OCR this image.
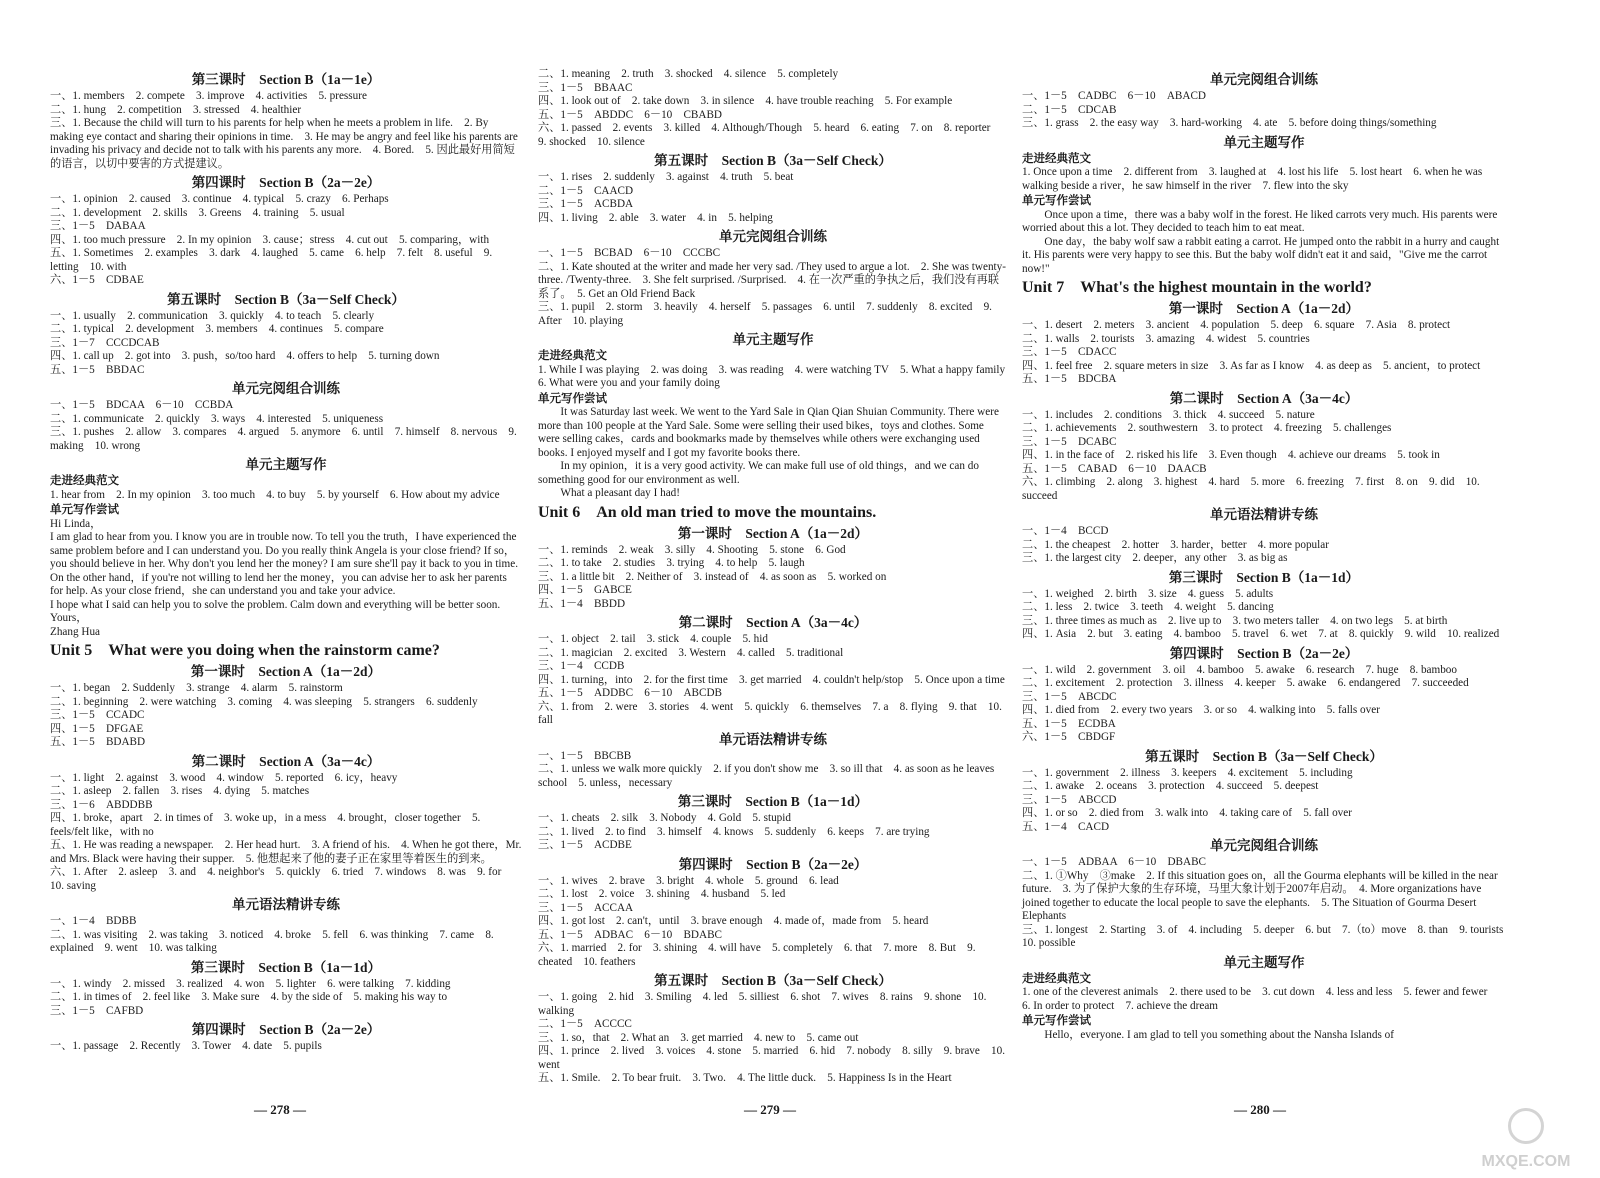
第三课时　Section B（1a－1e）
一、1. members　2. compete　3. improve　4. activities　5. pressure
二、1. hung　2. competition　3. stressed　4. healthier
三、1. Because the child will turn to his parents for help when he meets a problem in life.　2. By making eye contact and sharing their opinions in time.　3. He may be angry and feel like his parents are invading his privacy and decide not to talk with his parents any more.　4. Bored.　5. 因此最好用简短的语言，以切中要害的方式提建议。
第四课时　Section B（2a－2e）
一、1. opinion　2. caused　3. continue　4. typical　5. crazy　6. Perhaps
二、1. development　2. skills　3. Greens　4. training　5. usual
三、1－5　DABAA
四、1. too much pressure　2. In my opinion　3. cause；stress　4. cut out　5. comparing，with
五、1. Sometimes　2. examples　3. dark　4. laughed　5. came　6. help　7. felt　8. useful　9. letting　10. with
六、1－5　CDBAE
第五课时　Section B（3a－Self Check）
一、1. usually　2. communication　3. quickly　4. to teach　5. clearly
二、1. typical　2. development　3. members　4. continues　5. compare
三、1－7　CCCDCAB
四、1. call up　2. got into　3. push，so/too hard　4. offers to help　5. turning down
五、1－5　BBDAC
单元完阅组合训练
一、1－5　BDCAA　6－10　CCBDA
二、1. communicate　2. quickly　3. ways　4. interested　5. uniqueness
三、1. pushes　2. allow　3. compares　4. argued　5. anymore　6. until　7. himself　8. nervous　9. making　10. wrong
单元主题写作
走进经典范文
1. hear from　2. In my opinion　3. too much　4. to buy　5. by yourself　6. How about my advice
单元写作尝试
Hi Linda，
I am glad to hear from you. I know you are in trouble now. To tell you the truth，I have experienced the same problem before and I can understand you. Do you really think Angela is your close friend? If so，you should believe in her. Why don't you lend her the money? I am sure she'll pay it back to you in time. On the other hand，if you're not willing to lend her the money，you can advise her to ask her parents for help. As your close friend，she can understand you and take your advice.
I hope what I said can help you to solve the problem. Calm down and everything will be better soon.
Yours，
Zhang Hua
Unit 5　What were you doing when the rainstorm came?
第一课时　Section A（1a－2d）
一、1. began　2. Suddenly　3. strange　4. alarm　5. rainstorm
二、1. beginning　2. were watching　3. coming　4. was sleeping　5. strangers　6. suddenly
三、1－5　CCADC
四、1－5　DFGAE
五、1－5　BDABD
第二课时　Section A（3a－4c）
一、1. light　2. against　3. wood　4. window　5. reported　6. icy，heavy
二、1. asleep　2. fallen　3. rises　4. dying　5. matches
三、1－6　ABDDBB
四、1. broke，apart　2. in times of　3. woke up，in a mess　4. brought，closer together　5. feels/felt like，with no
五、1. He was reading a newspaper.　2. Her head hurt.　3. A friend of his.　4. When he got there，Mr. and Mrs. Black were having their supper.　5. 他想起来了他的妻子正在家里等着医生的到来。
六、1. After　2. asleep　3. and　4. neighbor's　5. quickly　6. tried　7. windows　8. was　9. for　10. saving
单元语法精讲专练
一、1－4　BDBB
二、1. was visiting　2. was taking　3. noticed　4. broke　5. fell　6. was thinking　7. came　8. explained　9. went　10. was talking
第三课时　Section B（1a－1d）
一、1. windy　2. missed　3. realized　4. won　5. lighter　6. were talking　7. kidding
二、1. in times of　2. feel like　3. Make sure　4. by the side of　5. making his way to
三、1－5　CAFBD
第四课时　Section B（2a－2e）
一、1. passage　2. Recently　3. Tower　4. date　5. pupils
二、1. meaning　2. truth　3. shocked　4. silence　5. completely
三、1－5　BBAAC
四、1. look out of　2. take down　3. in silence　4. have trouble reaching　5. For example
五、1－5　ABDDC　6－10　CBABD
六、1. passed　2. events　3. killed　4. Although/Though　5. heard　6. eating　7. on　8. reporter　9. shocked　10. silence
第五课时　Section B（3a－Self Check）
一、1. rises　2. suddenly　3. against　4. truth　5. beat
二、1－5　CAACD
三、1－5　ACBDA
四、1. living　2. able　3. water　4. in　5. helping
单元完阅组合训练
一、1－5　BCBAD　6－10　CCCBC
二、1. Kate shouted at the writer and made her very sad. /They used to argue a lot.　2. She was twenty-three. /Twenty-three.　3. She felt surprised. /Surprised.　4. 在一次严重的争执之后，我们没有再联系了。　5. Get an Old Friend Back
三、1. pupil　2. storm　3. heavily　4. herself　5. passages　6. until　7. suddenly　8. excited　9. After　10. playing
单元主题写作
走进经典范文
1. While I was playing　2. was doing　3. was reading　4. were watching TV　5. What a happy family　6. What were you and your family doing
单元写作尝试
It was Saturday last week. We went to the Yard Sale in Qian Qian Shuian Community. There were more than 100 people at the Yard Sale. Some were selling their used bikes，toys and clothes. Some were selling cakes，cards and bookmarks made by themselves while others were exchanging used books. I enjoyed myself and I got my favorite books there.
In my opinion，it is a very good activity. We can make full use of old things，and we can do something good for our environment as well.
What a pleasant day I had!
Unit 6　An old man tried to move the mountains.
第一课时　Section A（1a－2d）
一、1. reminds　2. weak　3. silly　4. Shooting　5. stone　6. God
二、1. to take　2. studies　3. trying　4. to help　5. laugh
三、1. a little bit　2. Neither of　3. instead of　4. as soon as　5. worked on
四、1－5　GABCE
五、1－4　BBDD
第二课时　Section A（3a－4c）
一、1. object　2. tail　3. stick　4. couple　5. hid
二、1. magician　2. excited　3. Western　4. called　5. traditional
三、1－4　CCDB
四、1. turning，into　2. for the first time　3. get married　4. couldn't help/stop　5. Once upon a time
五、1－5　ADDBC　6－10　ABCDB
六、1. from　2. were　3. stories　4. went　5. quickly　6. themselves　7. a　8. flying　9. that　10. fall
单元语法精讲专练
一、1－5　BBCBB
二、1. unless we walk more quickly　2. if you don't show me　3. so ill that　4. as soon as he leaves school　5. unless，necessary
第三课时　Section B（1a－1d）
一、1. cheats　2. silk　3. Nobody　4. Gold　5. stupid
二、1. lived　2. to find　3. himself　4. knows　5. suddenly　6. keeps　7. are trying
三、1－5　ACDBE
第四课时　Section B（2a－2e）
一、1. wives　2. brave　3. bright　4. whole　5. ground　6. lead
二、1. lost　2. voice　3. shining　4. husband　5. led
三、1－5　ACCAA
四、1. got lost　2. can't，until　3. brave enough　4. made of，made from　5. heard
五、1－5　ADBAC　6－10　BDABC
六、1. married　2. for　3. shining　4. will have　5. completely　6. that　7. more　8. But　9. cheated　10. feathers
第五课时　Section B（3a－Self Check）
一、1. going　2. hid　3. Smiling　4. led　5. silliest　6. shot　7. wives　8. rains　9. shone　10. walking
二、1－5　ACCCC
三、1. so，that　2. What an　3. get married　4. new to　5. came out
四、1. prince　2. lived　3. voices　4. stone　5. married　6. hid　7. nobody　8. silly　9. brave　10. went
五、1. Smile.　2. To bear fruit.　3. Two.　4. The little duck.　5. Happiness Is in the Heart
单元完阅组合训练
一、1－5　CADBC　6－10　ABACD
二、1－5　CDCAB
三、1. grass　2. the easy way　3. hard-working　4. ate　5. before doing things/something
单元主题写作
走进经典范文
1. Once upon a time　2. different from　3. laughed at　4. lost his life　5. lost heart　6. when he was walking beside a river，he saw himself in the river　7. flew into the sky
单元写作尝试
Once upon a time，there was a baby wolf in the forest. He liked carrots very much. His parents were worried about this a lot. They decided to teach him to eat meat.
One day，the baby wolf saw a rabbit eating a carrot. He jumped onto the rabbit in a hurry and caught it. His parents were very happy to see this. But the baby wolf didn't eat it and said，"Give me the carrot now!"
Unit 7　What's the highest mountain in the world?
第一课时　Section A（1a－2d）
一、1. desert　2. meters　3. ancient　4. population　5. deep　6. square　7. Asia　8. protect
二、1. walls　2. tourists　3. amazing　4. widest　5. countries
三、1－5　CDACC
四、1. feel free　2. square meters in size　3. As far as I know　4. as deep as　5. ancient，to protect
五、1－5　BDCBA
第二课时　Section A（3a－4c）
一、1. includes　2. conditions　3. thick　4. succeed　5. nature
二、1. achievements　2. southwestern　3. to protect　4. freezing　5. challenges
三、1－5　DCABC
四、1. in the face of　2. risked his life　3. Even though　4. achieve our dreams　5. took in
五、1－5　CABAD　6－10　DAACB
六、1. climbing　2. along　3. highest　4. hard　5. more　6. freezing　7. first　8. on　9. did　10. succeed
单元语法精讲专练
一、1－4　BCCD
二、1. the cheapest　2. hotter　3. harder，better　4. more popular
三、1. the largest city　2. deeper，any other　3. as big as
第三课时　Section B（1a－1d）
一、1. weighed　2. birth　3. size　4. guess　5. adults
二、1. less　2. twice　3. teeth　4. weight　5. dancing
三、1. three times as much as　2. live up to　3. two meters taller　4. on two legs　5. at birth
四、1. Asia　2. but　3. eating　4. bamboo　5. travel　6. wet　7. at　8. quickly　9. wild　10. realized
第四课时　Section B（2a－2e）
一、1. wild　2. government　3. oil　4. bamboo　5. awake　6. research　7. huge　8. bamboo
二、1. excitement　2. protection　3. illness　4. keeper　5. awake　6. endangered　7. succeeded
三、1－5　ABCDC
四、1. died from　2. every two years　3. or so　4. walking into　5. falls over
五、1－5　ECDBA
六、1－5　CBDGF
第五课时　Section B（3a－Self Check）
一、1. government　2. illness　3. keepers　4. excitement　5. including
二、1. awake　2. oceans　3. protection　4. succeed　5. deepest
三、1－5　ABCCD
四、1. or so　2. died from　3. walk into　4. taking care of　5. fall over
五、1－4　CACD
单元完阅组合训练
一、1－5　ADBAA　6－10　DBABC
二、1. ①Why　③make　2. If this situation goes on，all the Gourma elephants will be killed in the near future.　3. 为了保护大象的生存环境，马里大象计划于2007年启动。　4. More organizations have joined together to educate the local people to save the elephants.　5. The Situation of Gourma Desert Elephants
三、1. longest　2. Starting　3. of　4. including　5. deeper　6. but　7.（to）move　8. than　9. tourists　10. possible
单元主题写作
走进经典范文
1. one of the cleverest animals　2. there used to be　3. cut down　4. less and less　5. fewer and fewer　6. In order to protect　7. achieve the dream
单元写作尝试
Hello，everyone. I am glad to tell you something about the Nansha Islands of
— 278 —	— 279 —	— 280 —

MXQE.COM
